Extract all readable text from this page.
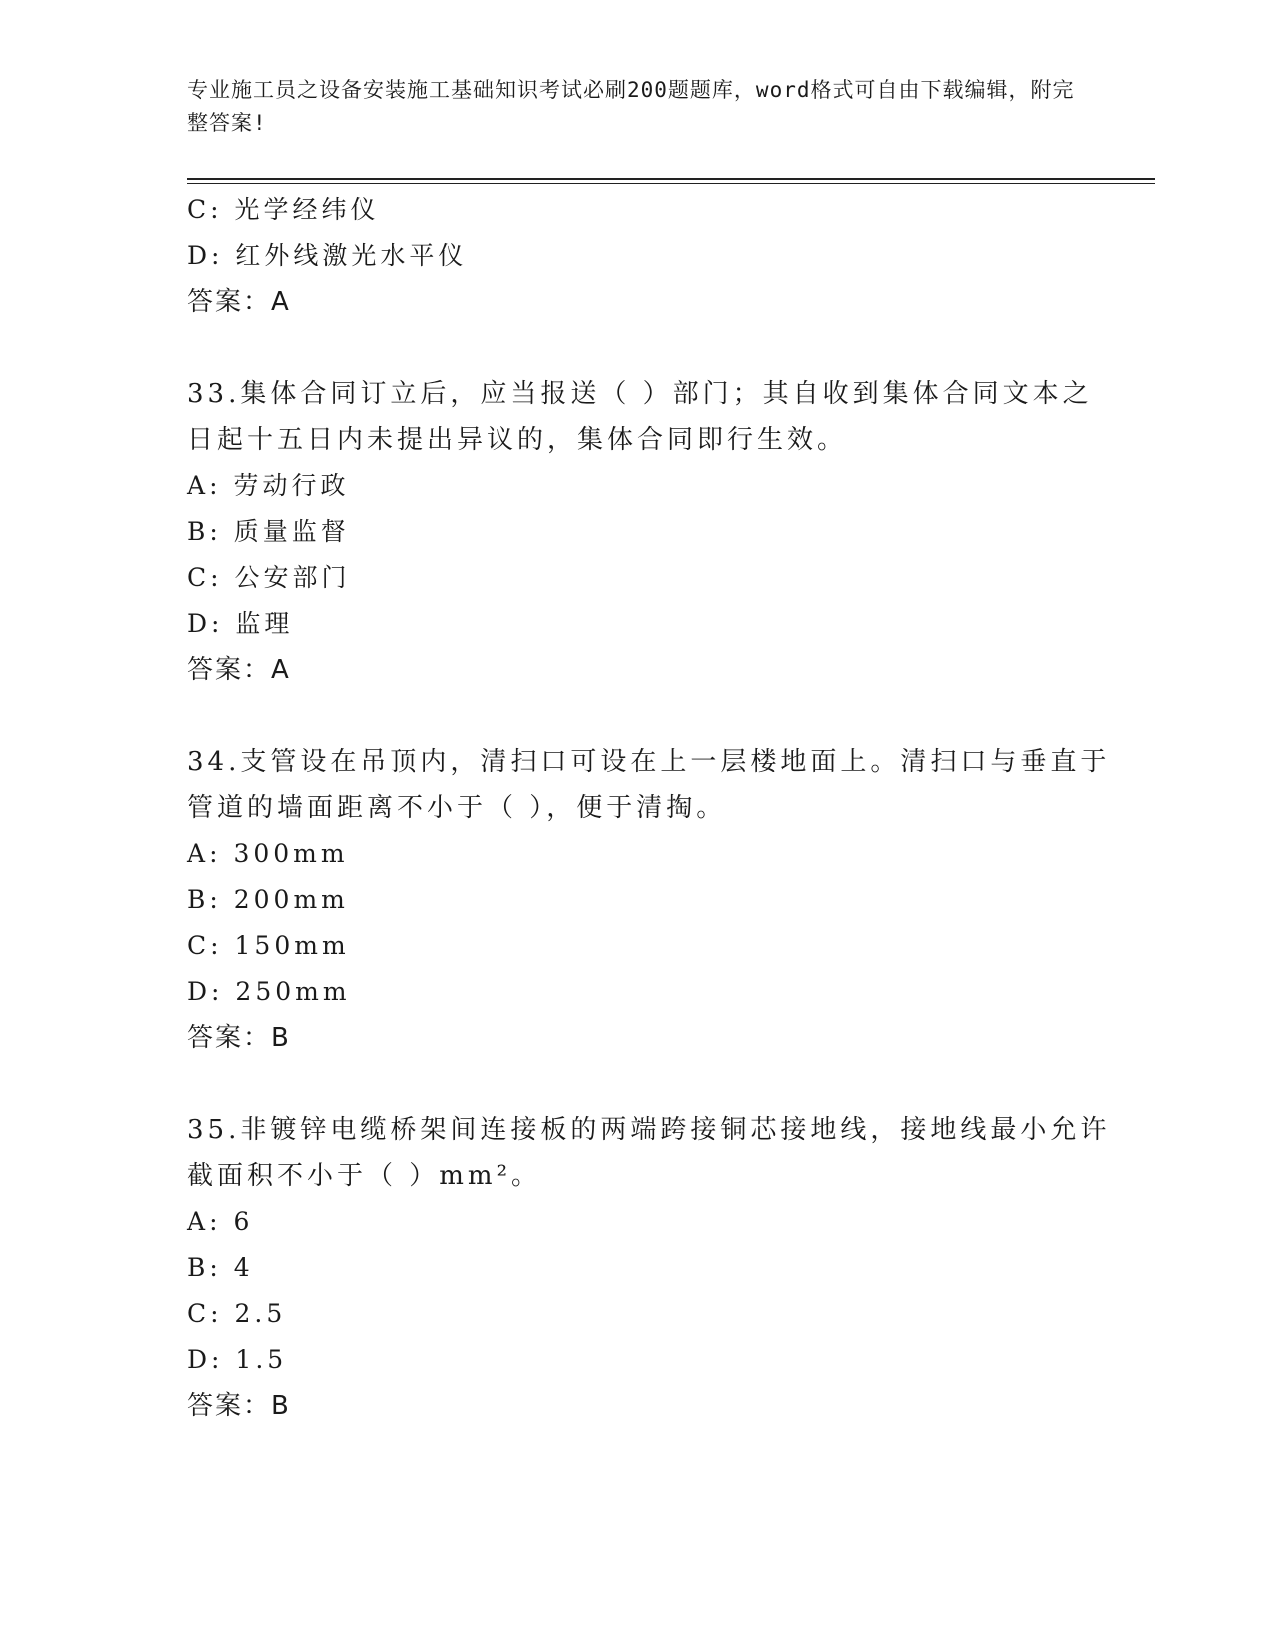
专业施工员之设备安装施工基础知识考试必刷200题题库，word格式可自由下载编辑，附完整答案!
C: 光学经纬仪
D: 红外线激光水平仪
答案：A
33.集体合同订立后，应当报送（ ）部门；其自收到集体合同文本之
日起十五日内未提出异议的，集体合同即行生效。
A: 劳动行政
B: 质量监督
C: 公安部门
D: 监理
答案：A
34.支管设在吊顶内，清扫口可设在上一层楼地面上。清扫口与垂直于
管道的墙面距离不小于（ ），便于清掏。
A: 300mm
B: 200mm
C: 150mm
D: 250mm
答案：B
35.非镀锌电缆桥架间连接板的两端跨接铜芯接地线，接地线最小允许
截面积不小于（ ）mm²。
A: 6
B: 4
C: 2.5
D: 1.5
答案：B
